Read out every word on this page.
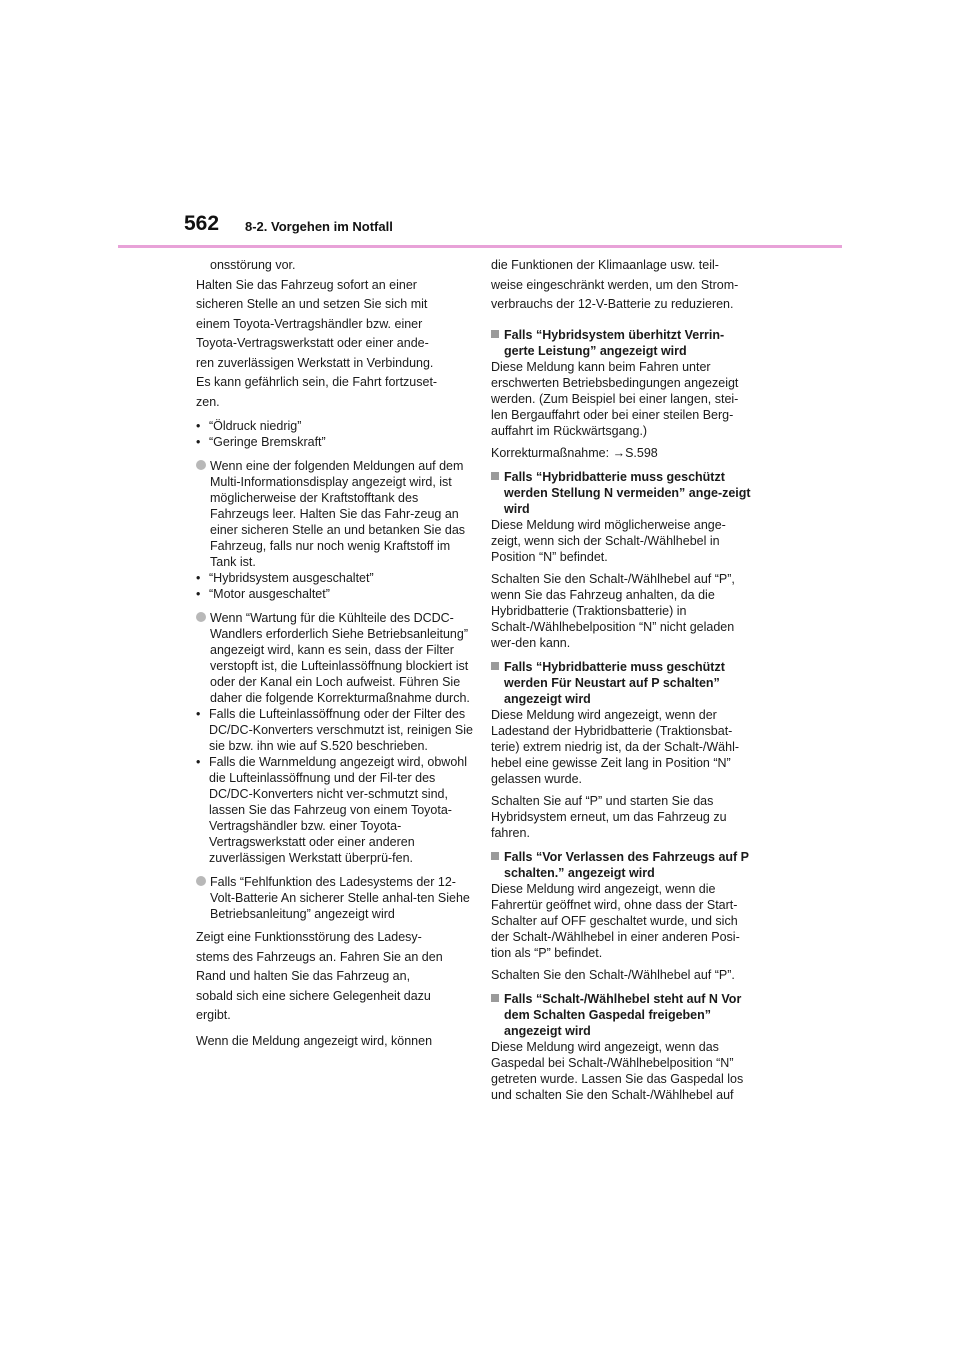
562 8-2. Vorgehen im Notfall

onsstörung vor.

Halten Sie das Fahrzeug sofort an einer

sicheren Stelle an und setzen Sie sich mit

einem Toyota-Vertragshändler bzw. einer

Toyota-Vertragswerkstatt oder einer ande-

ren zuverlässigen Werkstatt in Verbindung.

Es kann gefährlich sein, die Fahrt fortzuset-

zen.

• “Öldruck niedrig”
• “Geringe Bremskraft”
Wenn eine der folgenden Meldungen auf dem Multi-Informationsdisplay angezeigt wird, ist möglicherweise der Kraftstofftank des Fahrzeugs leer. Halten Sie das Fahr-zeug an einer sicheren Stelle an und betanken Sie das Fahrzeug, falls nur noch wenig Kraftstoff im Tank ist.
• “Hybridsystem ausgeschaltet”
• “Motor ausgeschaltet”
Wenn “Wartung für die Kühlteile des DCDC-Wandlers erforderlich Siehe Betriebsanleitung” angezeigt wird, kann es sein, dass der Filter verstopft ist, die Lufteinlassöffnung blockiert ist oder der Kanal ein Loch aufweist. Führen Sie daher die folgende Korrekturmaßnahme durch.
• Falls die Lufteinlassöffnung oder der Filter des DC/DC-Konverters verschmutzt ist, reinigen Sie sie bzw. ihn wie auf S.520 beschrieben.
• Falls die Warnmeldung angezeigt wird, obwohl die Lufteinlassöffnung und der Fil-ter des DC/DC-Konverters nicht ver-schmutzt sind, lassen Sie das Fahrzeug von einem Toyota-Vertragshändler bzw. einer Toyota-Vertragswerkstatt oder einer anderen zuverlässigen Werkstatt überprü-fen.
Falls “Fehlfunktion des Ladesystems der 12-Volt-Batterie An sicherer Stelle anhal-ten Siehe Betriebsanleitung” angezeigt wird

Zeigt eine Funktionsstörung des Ladesy-

stems des Fahrzeugs an. Fahren Sie an den

Rand und halten Sie das Fahrzeug an,

sobald sich eine sichere Gelegenheit dazu

ergibt.

Wenn die Meldung angezeigt wird, können

die Funktionen der Klimaanlage usw. teil-

weise eingeschränkt werden, um den Strom-

verbrauchs der 12-V-Batterie zu reduzieren.

Falls “Hybridsystem überhitzt Verrin-gerte Leistung” angezeigt wird

Diese Meldung kann beim Fahren unter erschwerten Betriebsbedingungen angezeigt werden. (Zum Beispiel bei einer langen, stei-len Bergauffahrt oder bei einer steilen Berg-auffahrt im Rückwärtsgang.)

Korrekturmaßnahme: →S.598

Falls “Hybridbatterie muss geschützt werden Stellung N vermeiden” ange-zeigt wird

Diese Meldung wird möglicherweise ange-zeigt, wenn sich der Schalt-/Wählhebel in Position “N” befindet.

Schalten Sie den Schalt-/Wählhebel auf “P”, wenn Sie das Fahrzeug anhalten, da die Hybridbatterie (Traktionsbatterie) in Schalt-/Wählhebelposition “N” nicht geladen wer-den kann.

Falls “Hybridbatterie muss geschützt werden Für Neustart auf P schalten” angezeigt wird

Diese Meldung wird angezeigt, wenn der Ladestand der Hybridbatterie (Traktionsbat-terie) extrem niedrig ist, da der Schalt-/Wähl-hebel eine gewisse Zeit lang in Position “N” gelassen wurde.

Schalten Sie auf “P” und starten Sie das Hybridsystem erneut, um das Fahrzeug zu fahren.

Falls “Vor Verlassen des Fahrzeugs auf P schalten.” angezeigt wird

Diese Meldung wird angezeigt, wenn die Fahrertür geöffnet wird, ohne dass der Start-Schalter auf OFF geschaltet wurde, und sich der Schalt-/Wählhebel in einer anderen Posi-tion als “P” befindet.

Schalten Sie den Schalt-/Wählhebel auf “P”.

Falls “Schalt-/Wählhebel steht auf N Vor dem Schalten Gaspedal freigeben” angezeigt wird

Diese Meldung wird angezeigt, wenn das Gaspedal bei Schalt-/Wählhebelposition “N” getreten wurde. Lassen Sie das Gaspedal los und schalten Sie den Schalt-/Wählhebel auf
